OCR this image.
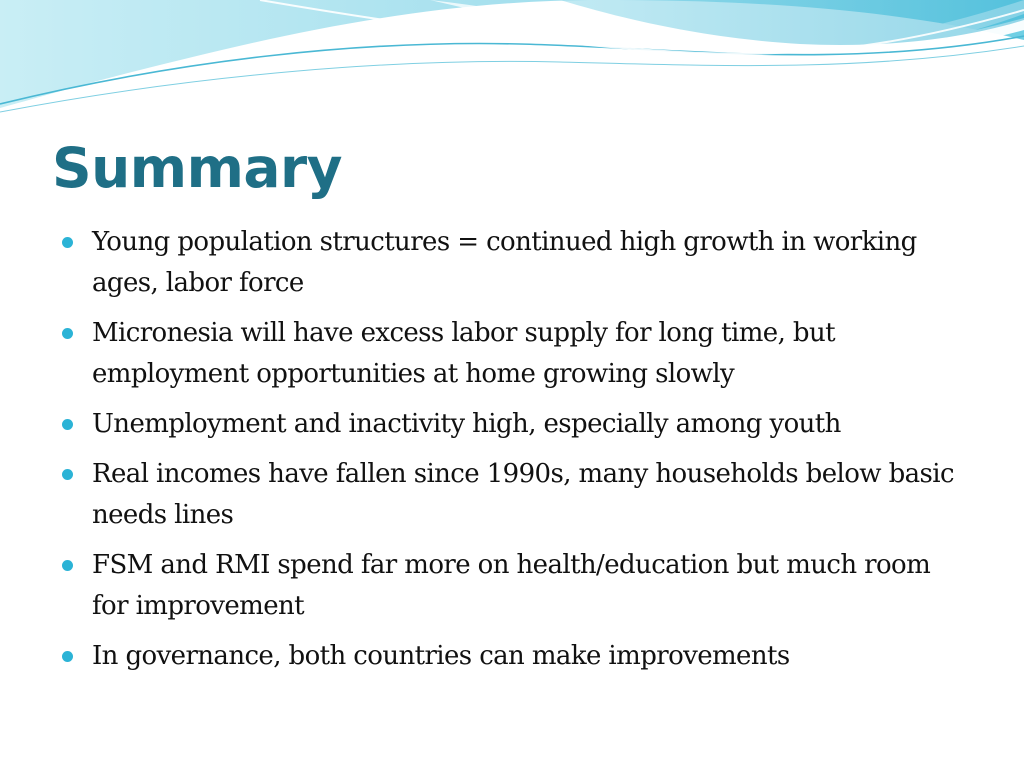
Summary
Young population structures = continued high growth in working ages, labor force
Micronesia will have excess labor supply for long time, but employment opportunities at home growing slowly
Unemployment and inactivity high, especially among youth
Real incomes have fallen since 1990s, many households below basic needs lines
FSM and RMI spend far more on health/education but much room for improvement
In governance, both countries can make improvements
